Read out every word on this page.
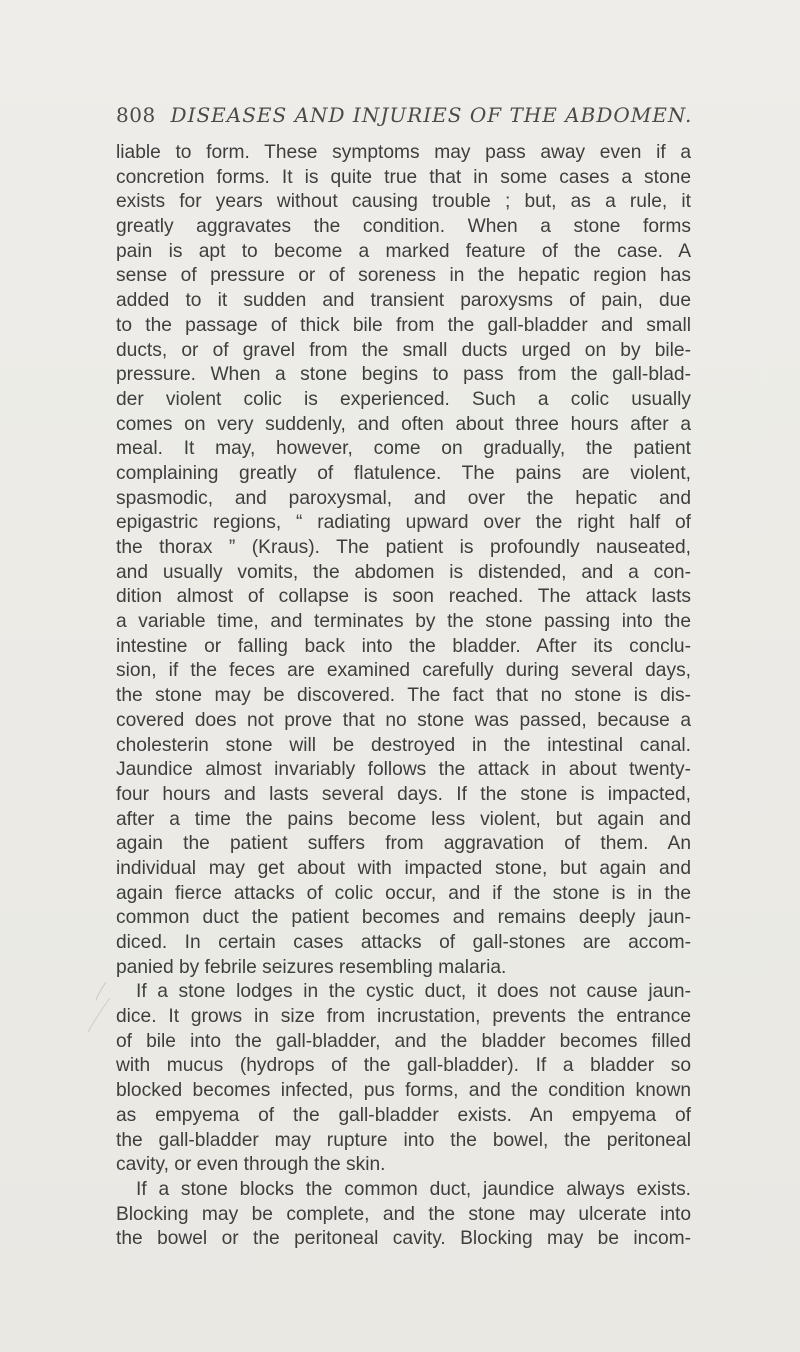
808 DISEASES AND INJURIES OF THE ABDOMEN.
liable to form. These symptoms may pass away even if a
concretion forms. It is quite true that in some cases a stone
exists for years without causing trouble ; but, as a rule, it
greatly aggravates the condition. When a stone forms
pain is apt to become a marked feature of the case. A
sense of pressure or of soreness in the hepatic region has
added to it sudden and transient paroxysms of pain, due
to the passage of thick bile from the gall-bladder and small
ducts, or of gravel from the small ducts urged on by bile-
pressure. When a stone begins to pass from the gall-blad-
der violent colic is experienced. Such a colic usually
comes on very suddenly, and often about three hours after a
meal. It may, however, come on gradually, the patient
complaining greatly of flatulence. The pains are violent,
spasmodic, and paroxysmal, and over the hepatic and
epigastric regions, “ radiating upward over the right half of
the thorax ” (Kraus). The patient is profoundly nauseated,
and usually vomits, the abdomen is distended, and a con-
dition almost of collapse is soon reached. The attack lasts
a variable time, and terminates by the stone passing into the
intestine or falling back into the bladder. After its conclu-
sion, if the feces are examined carefully during several days,
the stone may be discovered. The fact that no stone is dis-
covered does not prove that no stone was passed, because a
cholesterin stone will be destroyed in the intestinal canal.
Jaundice almost invariably follows the attack in about twenty-
four hours and lasts several days. If the stone is impacted,
after a time the pains become less violent, but again and
again the patient suffers from aggravation of them. An
individual may get about with impacted stone, but again and
again fierce attacks of colic occur, and if the stone is in the
common duct the patient becomes and remains deeply jaun-
diced. In certain cases attacks of gall-stones are accom-
panied by febrile seizures resembling malaria.
If a stone lodges in the cystic duct, it does not cause jaun-
dice. It grows in size from incrustation, prevents the entrance
of bile into the gall-bladder, and the bladder becomes filled
with mucus (hydrops of the gall-bladder). If a bladder so
blocked becomes infected, pus forms, and the condition known
as empyema of the gall-bladder exists. An empyema of
the gall-bladder may rupture into the bowel, the peritoneal
cavity, or even through the skin.
If a stone blocks the common duct, jaundice always exists.
Blocking may be complete, and the stone may ulcerate into
the bowel or the peritoneal cavity. Blocking may be incom-
